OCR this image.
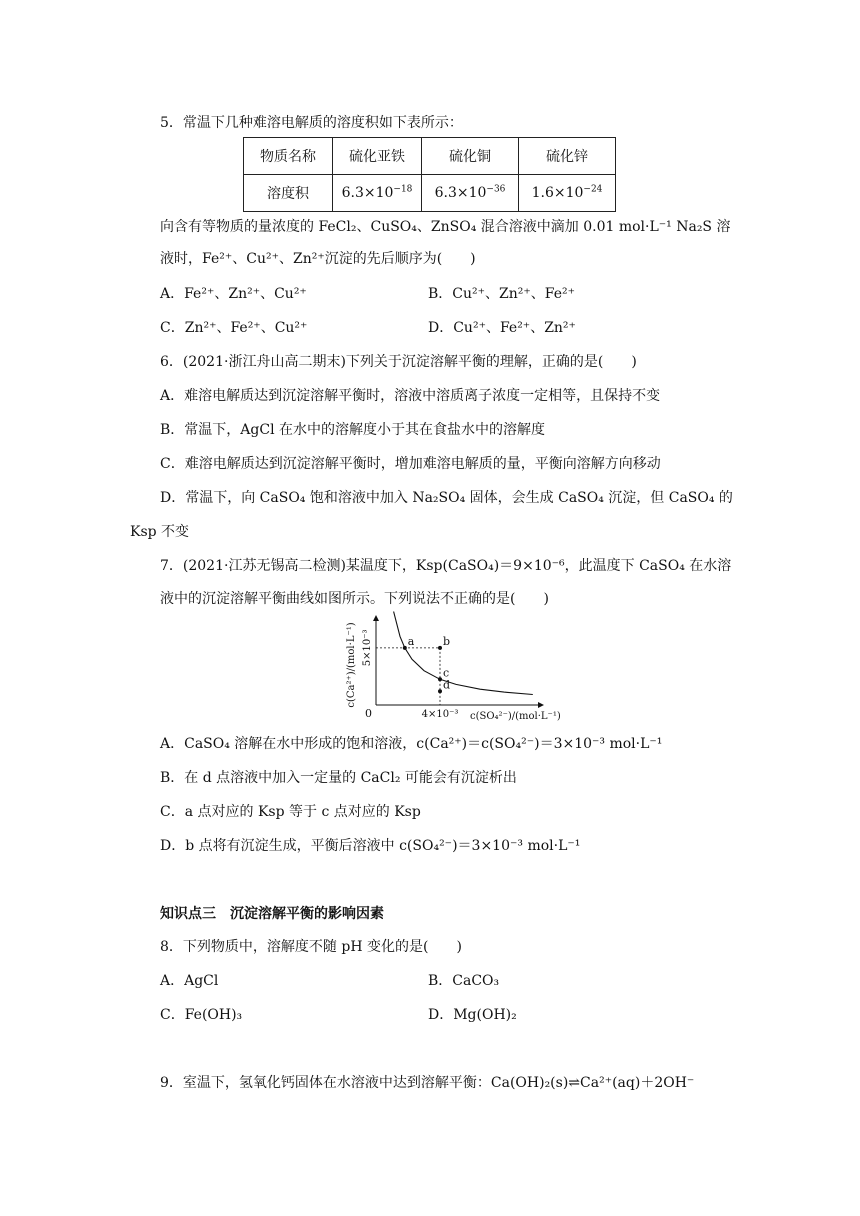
5．常温下几种难溶电解质的溶度积如下表所示：
物质名称	硫化亚铁	硫化铜	硫化锌
溶度积	$6.3\times 10^{-18}$	$6.3\times 10^{-36}$	$1.6\times 10^{-24}$
向含有等物质的量浓度的 FeCl₂、CuSO₄、ZnSO₄ 混合溶液中滴加 0.01 mol·L⁻¹ Na₂S 溶
液时，Fe²⁺、Cu²⁺、Zn²⁺沉淀的先后顺序为(　　)
A．Fe²⁺、Zn²⁺、Cu²⁺	B．Cu²⁺、Zn²⁺、Fe²⁺
C．Zn²⁺、Fe²⁺、Cu²⁺	D．Cu²⁺、Fe²⁺、Zn²⁺
6．(2021·浙江舟山高二期末)下列关于沉淀溶解平衡的理解，正确的是(　　)
A．难溶电解质达到沉淀溶解平衡时，溶液中溶质离子浓度一定相等，且保持不变
B．常温下，AgCl 在水中的溶解度小于其在食盐水中的溶解度
C．难溶电解质达到沉淀溶解平衡时，增加难溶电解质的量，平衡向溶解方向移动
D．常温下，向 CaSO₄ 饱和溶液中加入 Na₂SO₄ 固体，会生成 CaSO₄ 沉淀，但 CaSO₄ 的
Ksp 不变
7．(2021·江苏无锡高二检测)某温度下，Ksp(CaSO₄)＝9×10⁻⁶，此温度下 CaSO₄ 在水溶
液中的沉淀溶解平衡曲线如图所示。下列说法不正确的是(　　)
a	b
c
d
0	4×10⁻³
5×10⁻³
c(SO₄²⁻)/(mol·L⁻¹)
c(Ca²⁺)/(mol·L⁻¹)
A．CaSO₄ 溶解在水中形成的饱和溶液，c(Ca²⁺)＝c(SO₄²⁻)＝3×10⁻³ mol·L⁻¹
B．在 d 点溶液中加入一定量的 CaCl₂ 可能会有沉淀析出
C．a 点对应的 Ksp 等于 c 点对应的 Ksp
D．b 点将有沉淀生成，平衡后溶液中 c(SO₄²⁻)＝3×10⁻³ mol·L⁻¹
知识点三　沉淀溶解平衡的影响因素
8．下列物质中，溶解度不随 pH 变化的是(　　)
A．AgCl	B．CaCO₃
C．Fe(OH)₃	D．Mg(OH)₂
9．室温下，氢氧化钙固体在水溶液中达到溶解平衡：Ca(OH)₂(s)⇌Ca²⁺(aq)＋2OH⁻
